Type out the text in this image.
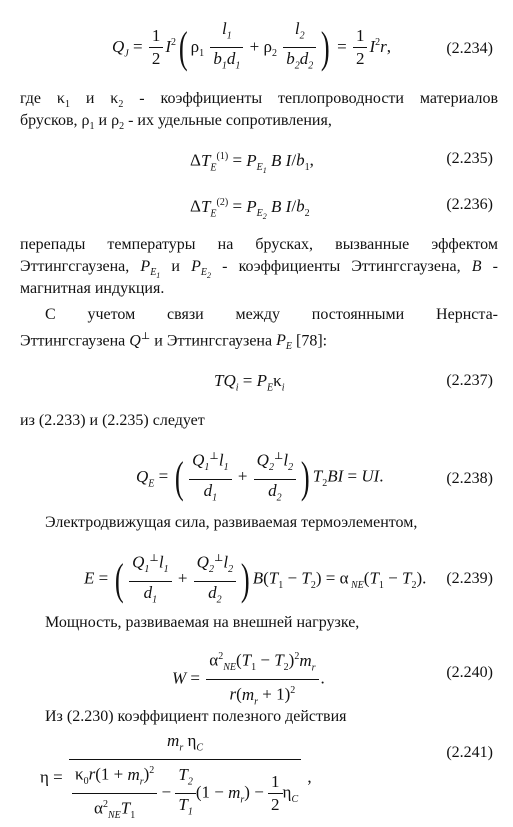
$Q_J = \frac{1}{2} I^2$( $\rho_1 \frac{l_1}{b_1d_1} + \rho_2 \frac{l_2}{b_2d_2}$ ) = $\frac{1}{2} I^2r$,	(2.234)
где $\kappa_1$ и $\kappa_2$ - коэффициенты теплопроводности материалов
брусков, $\rho_1$ и $\rho_2$ - их удельные сопротивления,
$\Delta T_E^{(1)} = P_{E_1}$ B $I/b_1$,	(2.235)
$\Delta T_E^{(2)} = P_{E_2}$ B $I/b_2$
(2.236)
перепады температуры на брусках, вызванные эффектом
Эттингсгаузена, $P_{E_1}$ и $P_{E_2}$ - коэффициенты Эттингсгаузена, B -
магнитная индукция.
С учетом связи между постоянными Нернста-
Эттингсгаузена Q⊥ и Эттингсгаузена $P_E$ [78]:
$TQ_i = P_E\kappa_i$	(2.237)
из (2.233) и (2.235) следует
$Q_E$ = ( $\frac{Q_1^\perp l_1}{d_1} + \frac{Q_2^\perp l_2}{d_2}$ ) $T_2BI$ = UI.	(2.238)
Электродвижущая сила, развиваемая термоэлементом,
E = ( $\frac{Q_1^\perp l_1}{d_1} + \frac{Q_2^\perp l_2}{d_2}$ ) $B(T_1 - T_2) = \alpha$ $_{NE}(T_1 - T_2)$. (2.239)
Мощность, развиваемая на внешней нагрузке,
$W = \frac{\alpha^2_{NE}(T_1 - T_2)^2m_r}{r(m_r + 1)^2}$ .	(2.240)
Из (2.230) коэффициент полезного действия
$\eta = \frac{m_r \eta_C}{\frac{\kappa_0r(1 + m_r)^2}{\alpha^2_{NE}T_1} - \frac{T_2}{T_1} (1 - m_r) - \frac{1}{2} \eta_C}$ ,
(2.241)
